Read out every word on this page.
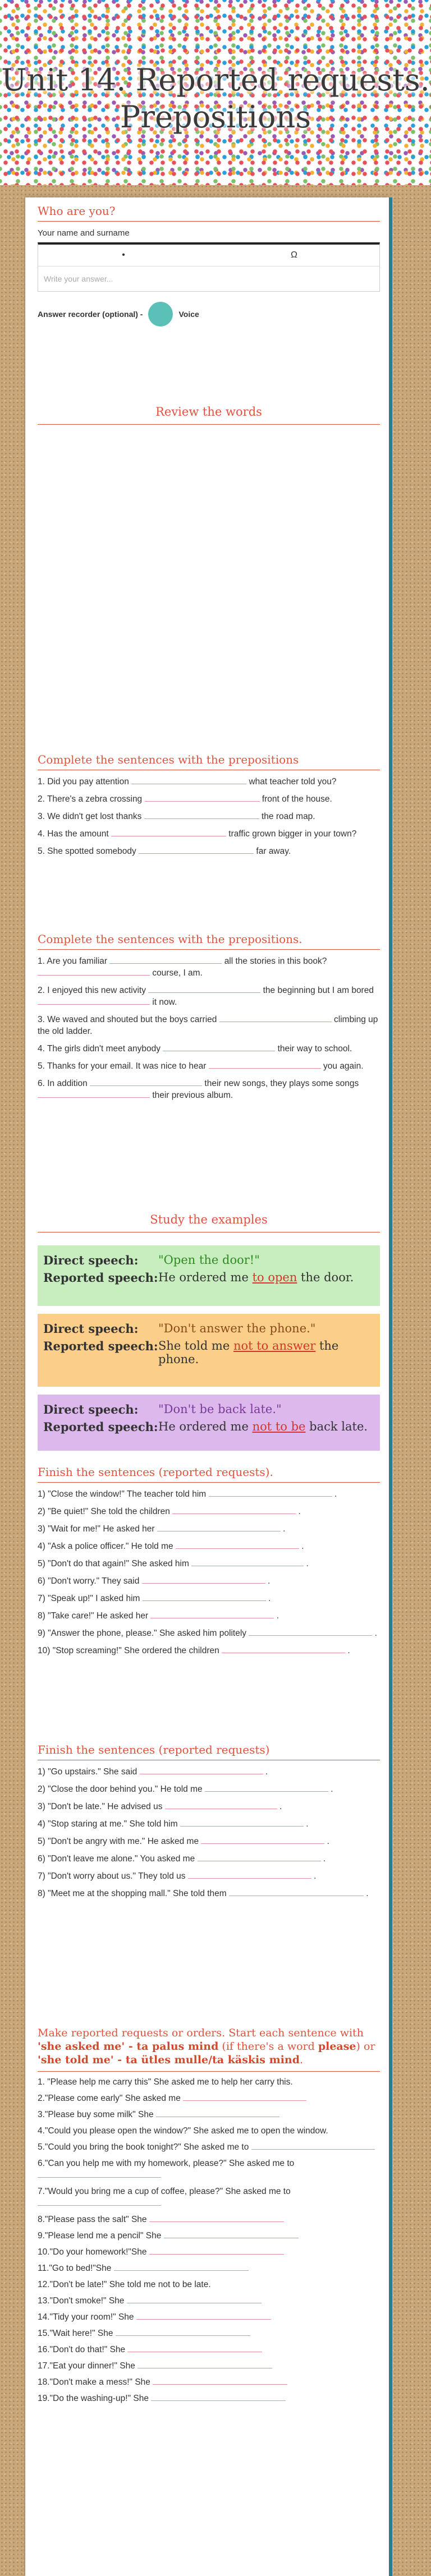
Unit 14. Reported requests. Prepositions
Who are you?
Your name and surname
•	Ω
Write your answer...
Answer recorder (optional) -	Voice
Review the words
Complete the sentences with the prepositions
1. Did you pay attention	what teacher told you?
2. There's a zebra crossing	front of the house.
3. We didn't get lost thanks	the road map.
4. Has the amount	traffic grown bigger in your town?
5. She spotted somebody	far away.
Complete the sentences with the prepositions.
1. Are you familiar	all the stories in this book?  course, I am.
2. I enjoyed this new activity	the beginning but I am bored  it now.
3. We waved and shouted but the boys carried	climbing up the old ladder.
4. The girls didn't meet anybody	their way to school.
5. Thanks for your email. It was nice to hear	you again.
6. In addition	their new songs, they plays some songs  their previous album.
Study the examples
Direct speech:	"Open the door!"
Reported speech: He ordered me to open the door.
Direct speech:	"Don't answer the phone."
Reported speech: She told me not to answer the phone.
Direct speech:	"Don't be back late."
Reported speech: He ordered me not to be back late.
Finish the sentences (reported requests).
1) "Close the window!" The teacher told him	.
2) "Be quiet!" She told the children	.
3) "Wait for me!" He asked her	.
4) "Ask a police officer." He told me	.
5) "Don't do that again!" She asked him	.
6) "Don't worry." They said	.
7) "Speak up!" I asked him	.
8) "Take care!" He asked her	.
9) "Answer the phone, please." She asked him politely	.
10) "Stop screaming!" She ordered the children	.
Finish the sentences (reported requests)
1) "Go upstairs." She said	.
2) "Close the door behind you." He told me	.
3) "Don't be late." He advised us	.
4) "Stop staring at me." She told him	.
5) "Don't be angry with me." He asked me	.
6) "Don't leave me alone." You asked me	.
7) "Don't worry about us." They told us	.
8) "Meet me at the shopping mall." She told them	.
Make reported requests or orders. Start each sentence with 'she asked me' - ta palus mind (if there's a word please) or 'she told me' - ta ütles mulle/ta käskis mind.
1. "Please help me carry this" She asked me to help her carry this.
2."Please come early" She asked me
3."Please buy some milk" She
4."Could you please open the window?" She asked me to open the window.
5."Could you bring the book tonight?" She asked me to
6."Can you help me with my homework, please?" She asked me to
7."Would you bring me a cup of coffee, please?" She asked me to
8."Please pass the salt" She
9."Please lend me a pencil" She
10."Do your homework!"She
11."Go to bed!"She
12."Don't be late!" She told me not to be late.
13."Don't smoke!" She
14."Tidy your room!" She
15."Wait here!" She
16."Don't do that!" She
17."Eat your dinner!" She
18."Don't make a mess!" She
19."Do the washing-up!" She
